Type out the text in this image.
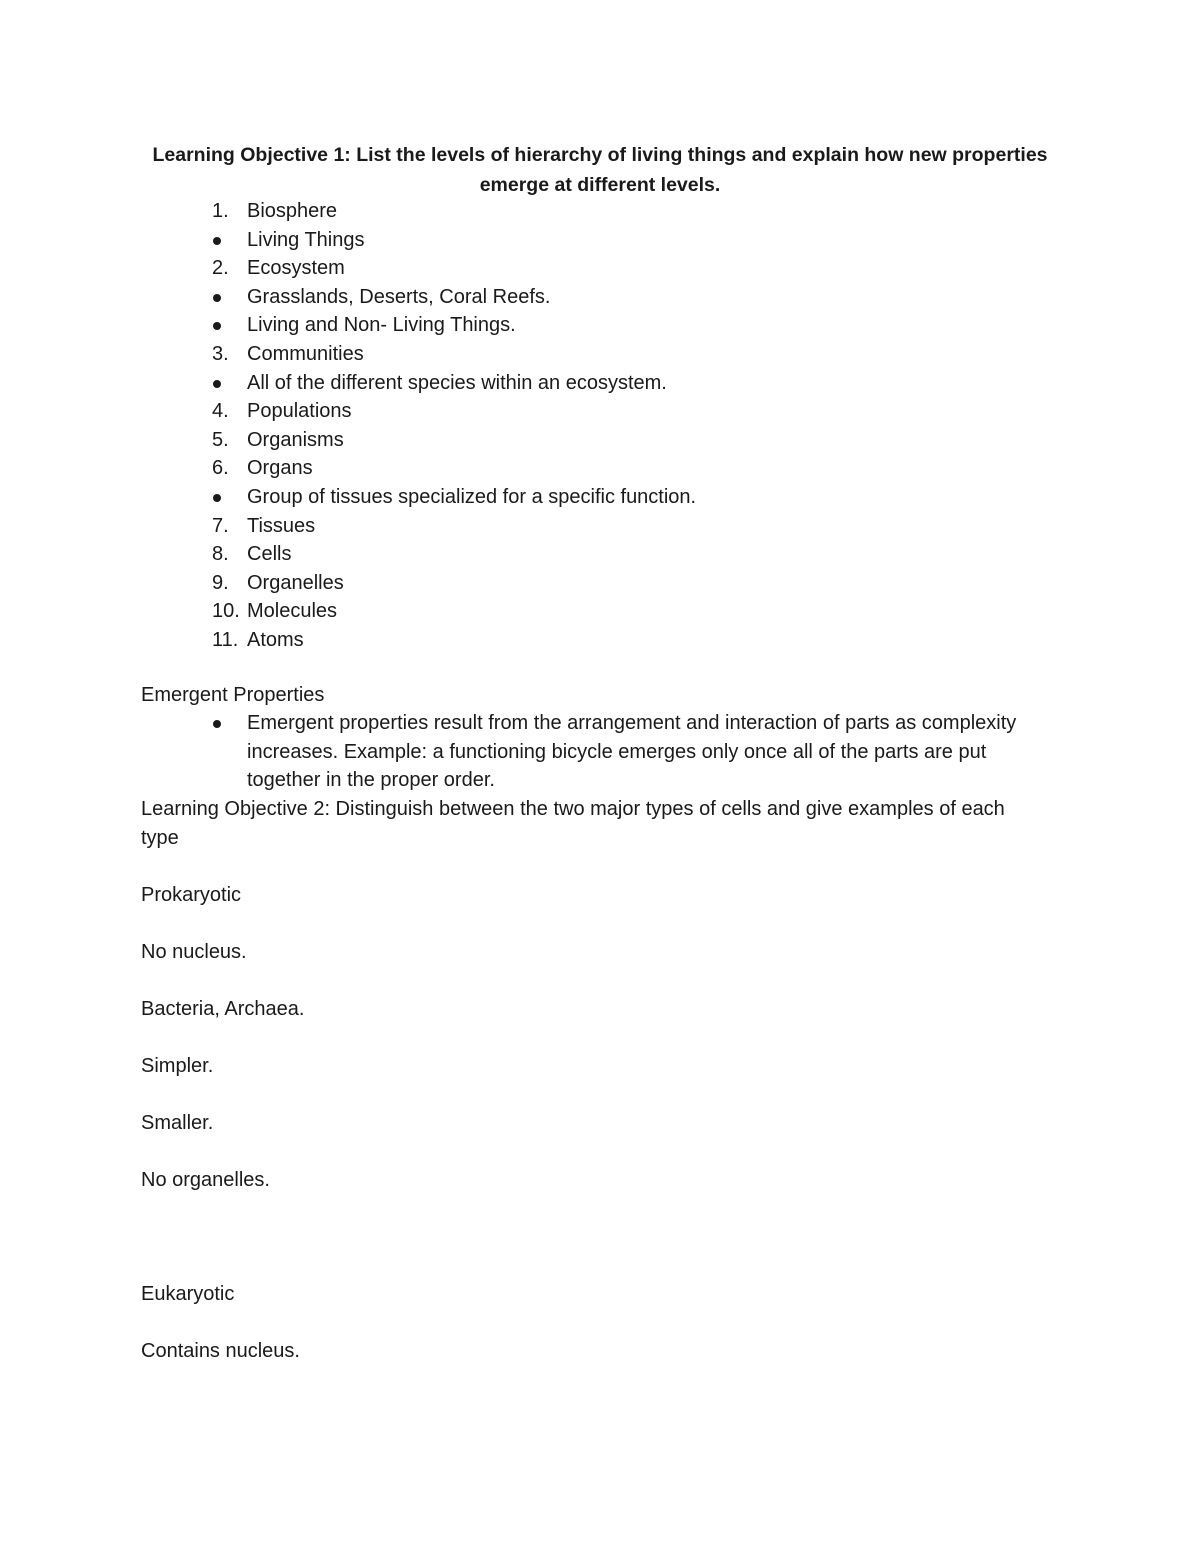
Learning Objective 1: List the levels of hierarchy of living things and explain how new properties emerge at different levels.
1. Biosphere
Living Things
2. Ecosystem
Grasslands, Deserts, Coral Reefs.
Living and Non- Living Things.
3. Communities
All of the different species within an ecosystem.
4. Populations
5. Organisms
6. Organs
Group of tissues specialized for a specific function.
7. Tissues
8. Cells
9. Organelles
10. Molecules
11. Atoms

Emergent Properties

Emergent properties result from the arrangement and interaction of parts as complexity increases. Example: a functioning bicycle emerges only once all of the parts are put together in the proper order.

Learning Objective 2: Distinguish between the two major types of cells and give examples of each type

Prokaryotic

No nucleus.

Bacteria, Archaea.

Simpler.

Smaller.

No organelles.

Eukaryotic

Contains nucleus.
